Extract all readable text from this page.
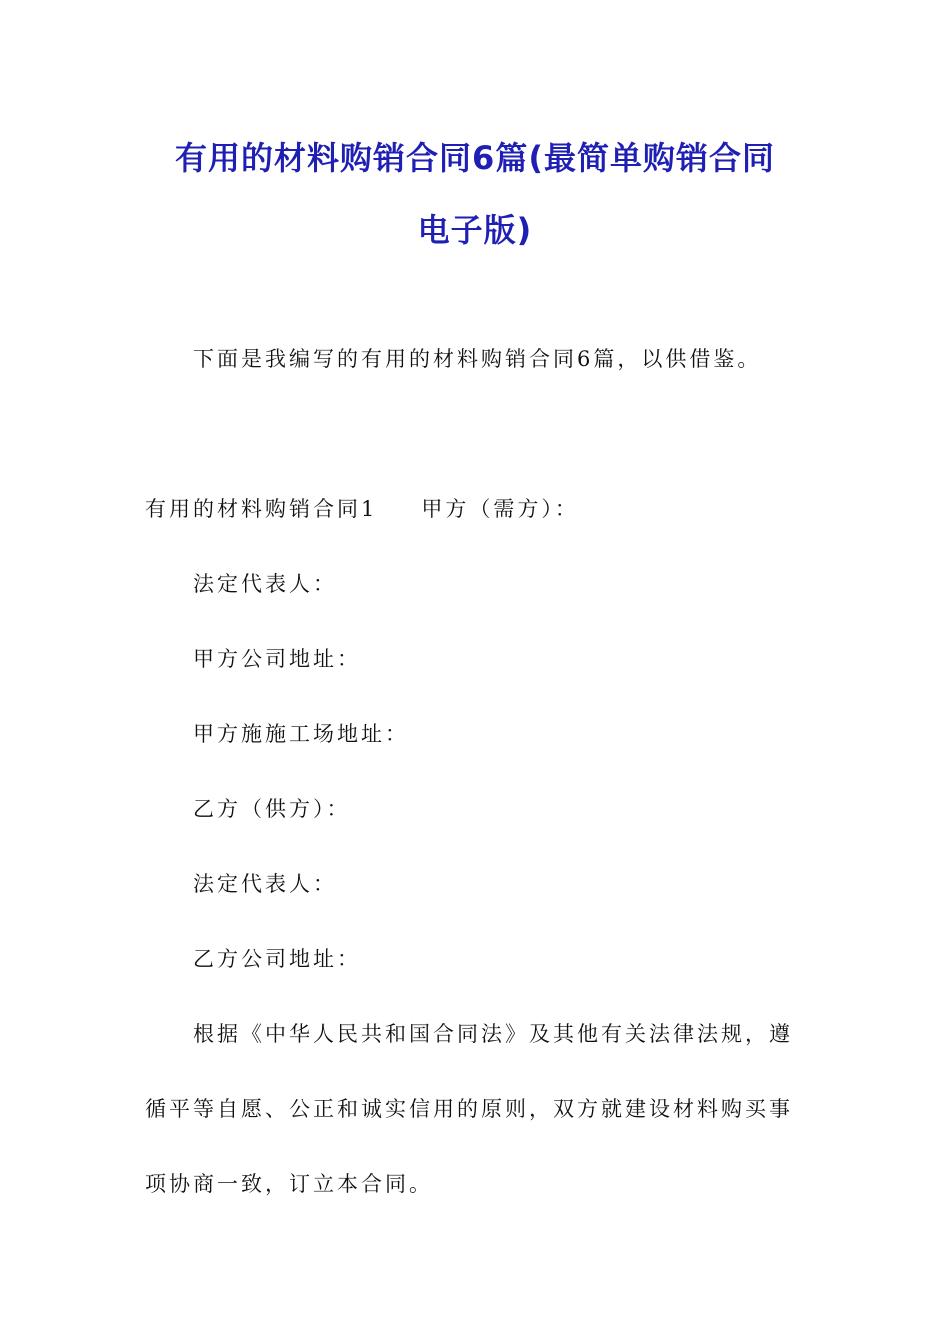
有用的材料购销合同6篇(最简单购销合同
电子版)
下面是我编写的有用的材料购销合同6篇，以供借鉴。
有用的材料购销合同1 甲方（需方）：
法定代表人：
甲方公司地址：
甲方施施工场地址：
乙方（供方）：
法定代表人：
乙方公司地址：
根据《中华人民共和国合同法》及其他有关法律法规，遵
循平等自愿、公正和诚实信用的原则，双方就建设材料购买事
项协商一致，订立本合同。
